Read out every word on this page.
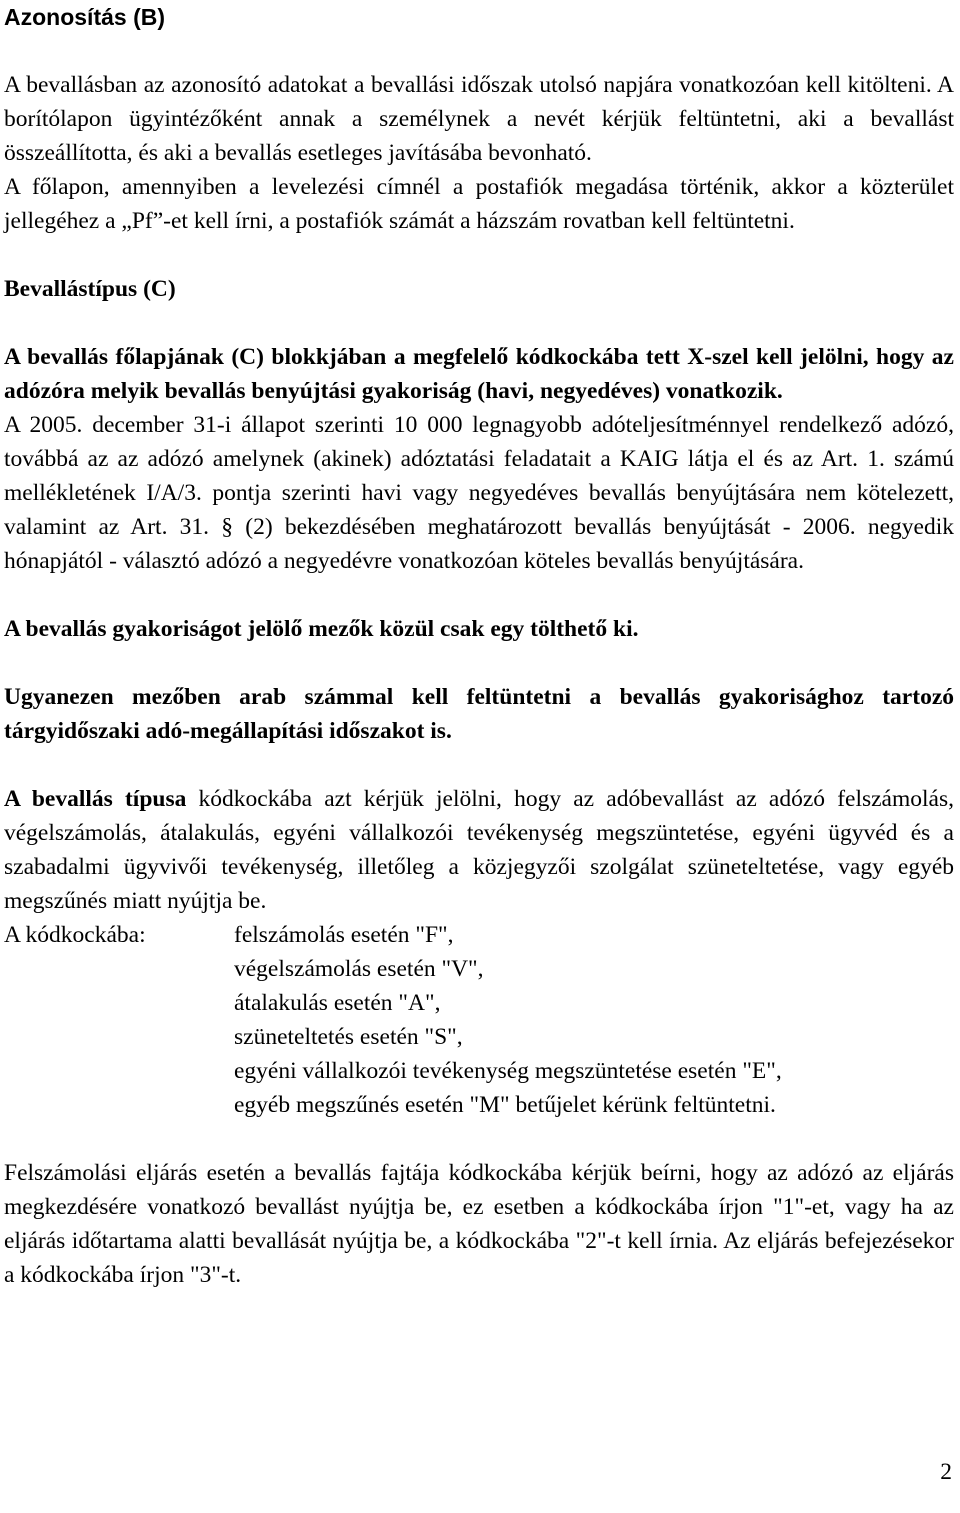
Azonosítás (B)

A bevallásban az azonosító adatokat a bevallási időszak utolsó napjára vonatkozóan kell kitölteni. A borítólapon ügyintézőként annak a személynek a nevét kérjük feltüntetni, aki a bevallást összeállította, és aki a bevallás esetleges javításába bevonható.

A főlapon, amennyiben a levelezési címnél a postafiók megadása történik, akkor a közterület jellegéhez a „Pf”-et kell írni, a postafiók számát a házszám rovatban kell feltüntetni.

Bevallástípus (C)

A bevallás főlapjának (C) blokkjában a megfelelő kódkockába tett X-szel kell jelölni, hogy az adózóra melyik bevallás benyújtási gyakoriság (havi, negyedéves) vonatkozik.

A 2005. december 31-i állapot szerinti 10 000 legnagyobb adóteljesítménnyel rendelkező adózó, továbbá az az adózó amelynek (akinek) adóztatási feladatait a KAIG látja el és az Art. 1. számú mellékletének I/A/3. pontja szerinti havi vagy negyedéves bevallás benyújtására nem kötelezett, valamint az Art. 31. § (2) bekezdésében meghatározott bevallás benyújtását - 2006. negyedik hónapjától - választó adózó a negyedévre vonatkozóan köteles bevallás benyújtására.

A bevallás gyakoriságot jelölő mezők közül csak egy tölthető ki.

Ugyanezen mezőben arab számmal kell feltüntetni a bevallás gyakorisághoz tartozó tárgyidőszaki adó-megállapítási időszakot is.

A bevallás típusa kódkockába azt kérjük jelölni, hogy az adóbevallást az adózó felszámolás, végelszámolás, átalakulás, egyéni vállalkozói tevékenység megszüntetése, egyéni ügyvéd és a szabadalmi ügyvivői tevékenység, illetőleg a közjegyzői szolgálat szüneteltetése, vagy egyéb megszűnés miatt nyújtja be.

A kódkockába:	felszámolás esetén "F",
végelszámolás esetén "V",
átalakulás esetén "A",
szüneteltetés esetén "S",
egyéni vállalkozói tevékenység megszüntetése esetén "E",
egyéb megszűnés esetén "M" betűjelet kérünk feltüntetni.

Felszámolási eljárás esetén a bevallás fajtája kódkockába kérjük beírni, hogy az adózó az eljárás megkezdésére vonatkozó bevallást nyújtja be, ez esetben a kódkockába írjon "1"-et, vagy ha az eljárás időtartama alatti bevallását nyújtja be, a kódkockába "2"-t kell írnia. Az eljárás befejezésekor a kódkockába írjon "3"-t.

2
